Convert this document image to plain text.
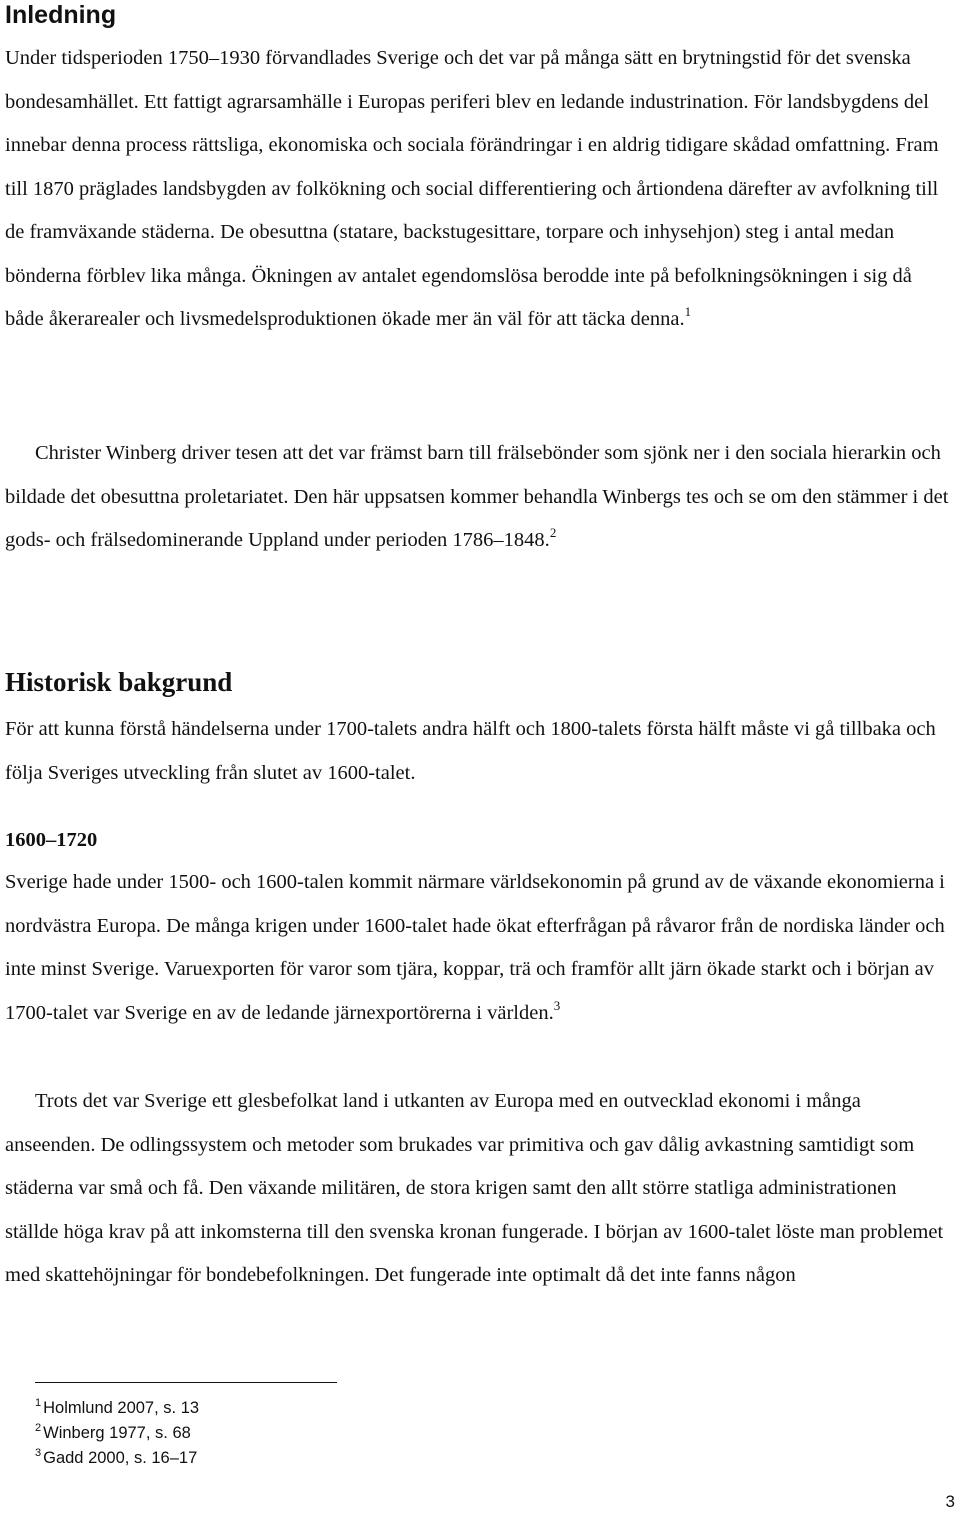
Inledning

Under tidsperioden 1750–1930 förvandlades Sverige och det var på många sätt en brytningstid för det svenska bondesamhället. Ett fattigt agrarsamhälle i Europas periferi blev en ledande industrination. För landsbygdens del innebar denna process rättsliga, ekonomiska och sociala förändringar i en aldrig tidigare skådad omfattning. Fram till 1870 präglades landsbygden av folkökning och social differentiering och årtiondena därefter av avfolkning till de framväxande städerna. De obesuttna (statare, backstugesittare, torpare och inhysehjon) steg i antal medan bönderna förblev lika många. Ökningen av antalet egendomslösa berodde inte på befolkningsökningen i sig då både åkerarealer och livsmedelsproduktionen ökade mer än väl för att täcka denna.$^1$

Christer Winberg driver tesen att det var främst barn till frälsebönder som sjönk ner i den sociala hierarkin och bildade det obesuttna proletariatet. Den här uppsatsen kommer behandla Winbergs tes och se om den stämmer i det gods- och frälsedominerande Uppland under perioden 1786–1848.$^2$

Historisk bakgrund

För att kunna förstå händelserna under 1700-talets andra hälft och 1800-talets första hälft måste vi gå tillbaka och följa Sveriges utveckling från slutet av 1600-talet.

1600–1720

Sverige hade under 1500- och 1600-talen kommit närmare världsekonomin på grund av de växande ekonomierna i nordvästra Europa. De många krigen under 1600-talet hade ökat efterfrågan på råvaror från de nordiska länder och inte minst Sverige. Varuexporten för varor som tjära, koppar, trä och framför allt järn ökade starkt och i början av 1700-talet var Sverige en av de ledande järnexportörerna i världen.$^3$

Trots det var Sverige ett glesbefolkat land i utkanten av Europa med en outvecklad ekonomi i många anseenden. De odlingssystem och metoder som brukades var primitiva och gav dålig avkastning samtidigt som städerna var små och få. Den växande militären, de stora krigen samt den allt större statliga administrationen ställde höga krav på att inkomsterna till den svenska kronan fungerade. I början av 1600-talet löste man problemet med skattehöjningar för bondebefolkningen. Det fungerade inte optimalt då det inte fanns någon

$^1$ Holmlund 2007, s. 13
$^2$ Winberg 1977, s. 68
$^3$ Gadd 2000, s. 16–17
3
